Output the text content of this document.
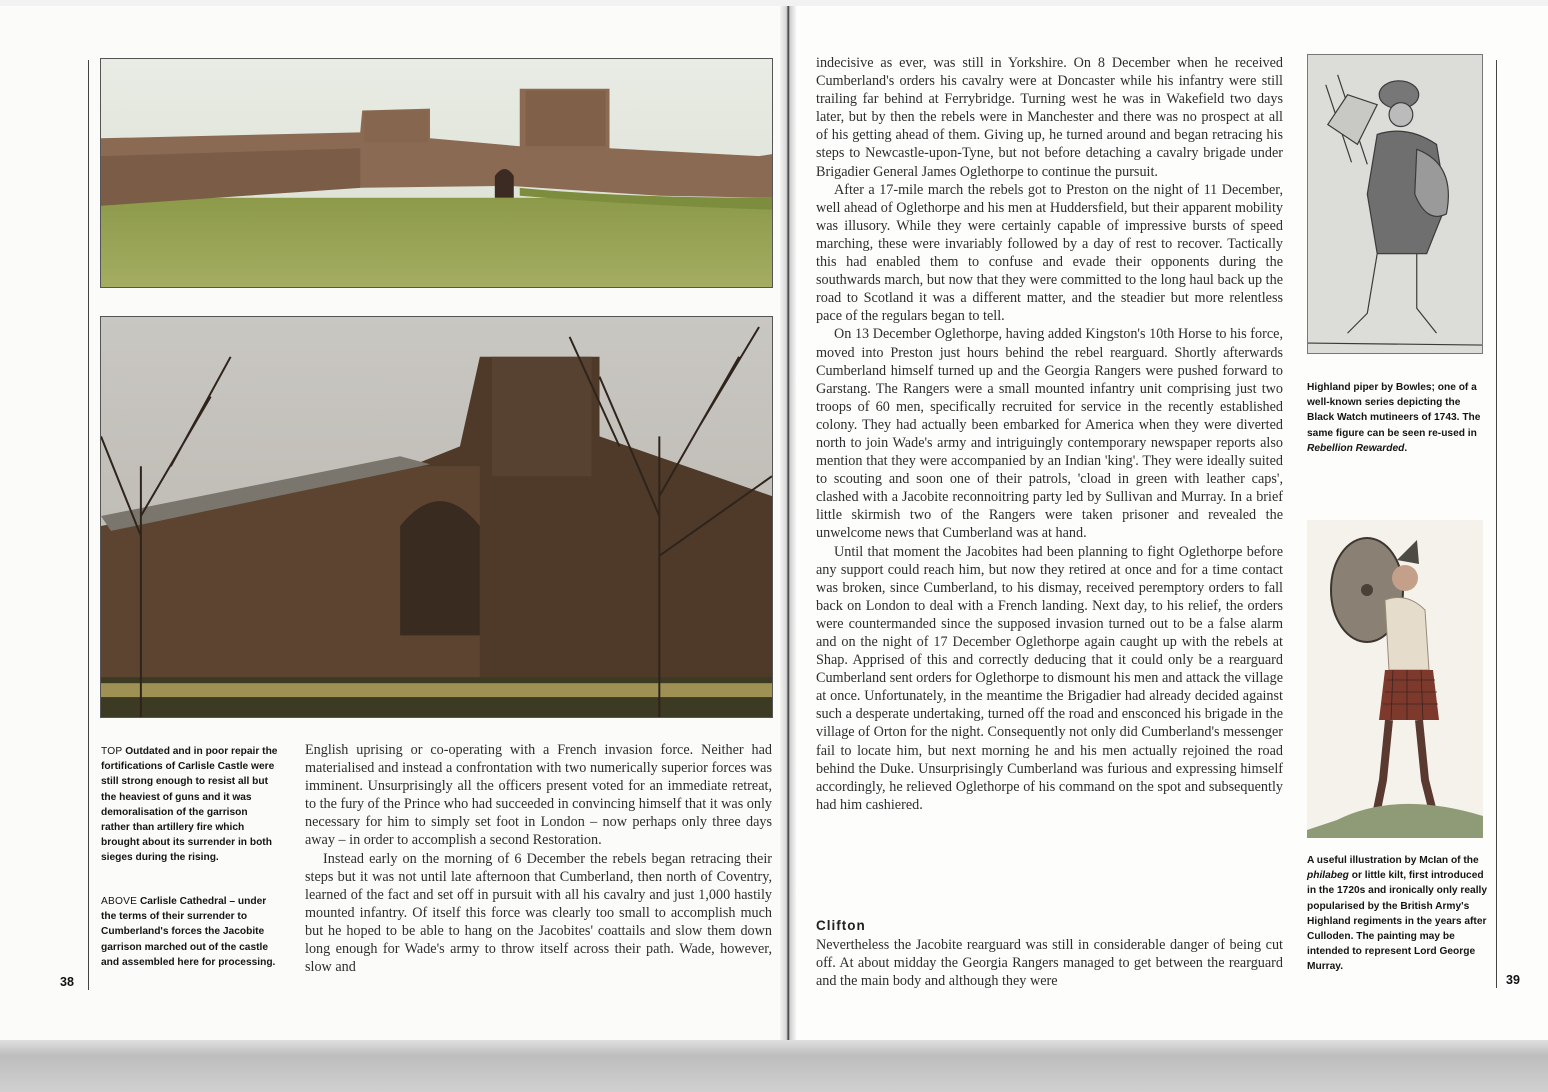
TOP Outdated and in poor repair the fortifications of Carlisle Castle were still strong enough to resist all but the heaviest of guns and it was demoralisation of the garrison rather than artillery fire which brought about its surrender in both sieges during the rising.
ABOVE Carlisle Cathedral – under the terms of their surrender to Cumberland's forces the Jacobite garrison marched out of the castle and assembled here for processing.

English uprising or co-operating with a French invasion force. Neither had materialised and instead a confrontation with two numerically superior forces was imminent. Unsurprisingly all the officers present voted for an immediate retreat, to the fury of the Prince who had succeeded in convincing himself that it was only necessary for him to simply set foot in London – now perhaps only three days away – in order to accomplish a second Restoration.

Instead early on the morning of 6 December the rebels began retracing their steps but it was not until late afternoon that Cumberland, then north of Coventry, learned of the fact and set off in pursuit with all his cavalry and just 1,000 hastily mounted infantry. Of itself this force was clearly too small to accomplish much but he hoped to be able to hang on the Jacobites' coattails and slow them down long enough for Wade's army to throw itself across their path. Wade, however, slow and

38

indecisive as ever, was still in Yorkshire. On 8 December when he received Cumberland's orders his cavalry were at Doncaster while his infantry were still trailing far behind at Ferrybridge. Turning west he was in Wakefield two days later, but by then the rebels were in Manchester and there was no prospect at all of his getting ahead of them. Giving up, he turned around and began retracing his steps to Newcastle-upon-Tyne, but not before detaching a cavalry brigade under Brigadier General James Oglethorpe to continue the pursuit.

After a 17-mile march the rebels got to Preston on the night of 11 December, well ahead of Oglethorpe and his men at Huddersfield, but their apparent mobility was illusory. While they were certainly capable of impressive bursts of speed marching, these were invariably followed by a day of rest to recover. Tactically this had enabled them to confuse and evade their opponents during the southwards march, but now that they were committed to the long haul back up the road to Scotland it was a different matter, and the steadier but more relentless pace of the regulars began to tell.

On 13 December Oglethorpe, having added Kingston's 10th Horse to his force, moved into Preston just hours behind the rebel rearguard. Shortly afterwards Cumberland himself turned up and the Georgia Rangers were pushed forward to Garstang. The Rangers were a small mounted infantry unit comprising just two troops of 60 men, specifically recruited for service in the recently established colony. They had actually been embarked for America when they were diverted north to join Wade's army and intriguingly contemporary newspaper reports also mention that they were accompanied by an Indian 'king'. They were ideally suited to scouting and soon one of their patrols, 'cload in green with leather caps', clashed with a Jacobite reconnoitring party led by Sullivan and Murray. In a brief little skirmish two of the Rangers were taken prisoner and revealed the unwelcome news that Cumberland was at hand.

Until that moment the Jacobites had been planning to fight Oglethorpe before any support could reach him, but now they retired at once and for a time contact was broken, since Cumberland, to his dismay, received peremptory orders to fall back on London to deal with a French landing. Next day, to his relief, the orders were countermanded since the supposed invasion turned out to be a false alarm and on the night of 17 December Oglethorpe again caught up with the rebels at Shap. Apprised of this and correctly deducing that it could only be a rearguard Cumberland sent orders for Oglethorpe to dismount his men and attack the village at once. Unfortunately, in the meantime the Brigadier had already decided against such a desperate undertaking, turned off the road and ensconced his brigade in the village of Orton for the night. Consequently not only did Cumberland's messenger fail to locate him, but next morning he and his men actually rejoined the road behind the Duke. Unsurprisingly Cumberland was furious and expressing himself accordingly, he relieved Oglethorpe of his command on the spot and subsequently had him cashiered.

Clifton

Nevertheless the Jacobite rearguard was still in considerable danger of being cut off. At about midday the Georgia Rangers managed to get between the rearguard and the main body and although they were

Highland piper by Bowles; one of a well-known series depicting the Black Watch mutineers of 1743. The same figure can be seen re-used in Rebellion Rewarded.
A useful illustration by McIan of the philabeg or little kilt, first introduced in the 1720s and ironically only really popularised by the British Army's Highland regiments in the years after Culloden. The painting may be intended to represent Lord George Murray.
39
